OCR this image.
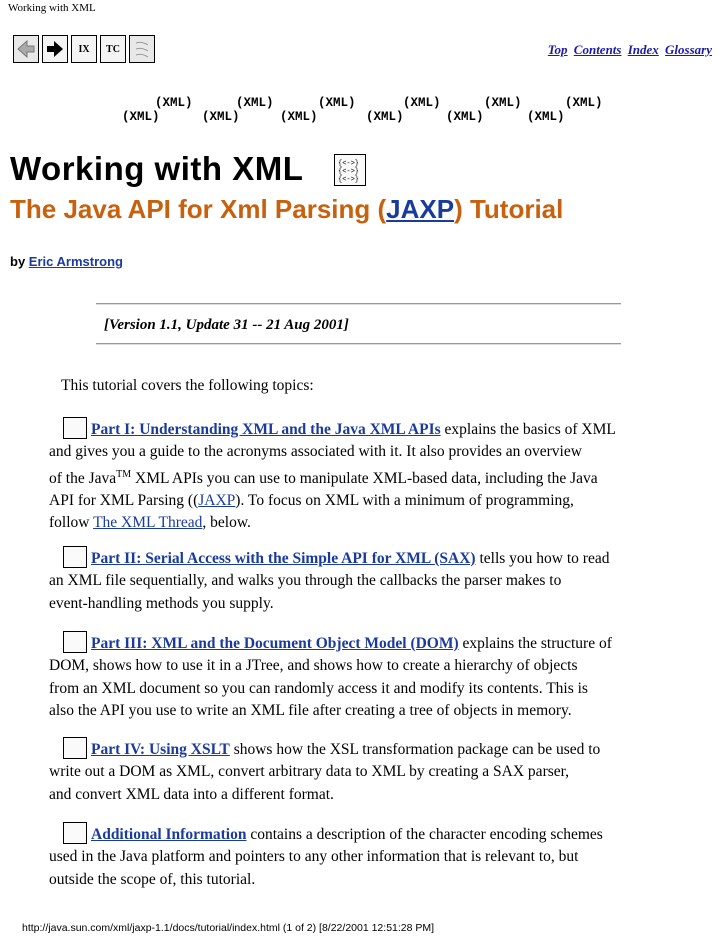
Working with XML
IX TC	Top Contents Index Glossary
(XML)	(XML)	(XML)	(XML)	(XML)	(XML)
(XML)	(XML)	(XML)	(XML)	(XML)	(XML)
Working with XML	{<->}
{<->}
{<->}
The Java API for Xml Parsing (JAXP) Tutorial
by Eric Armstrong
[Version 1.1, Update 31 -- 21 Aug 2001]
This tutorial covers the following topics:
Part I: Understanding XML and the Java XML APIs explains the basics of XML
and gives you a guide to the acronyms associated with it. It also provides an overview
of the Java™ XML APIs you can use to manipulate XML-based data, including the Java
API for XML Parsing ((JAXP). To focus on XML with a minimum of programming,
follow The XML Thread, below.
Part II: Serial Access with the Simple API for XML (SAX) tells you how to read
an XML file sequentially, and walks you through the callbacks the parser makes to
event-handling methods you supply.
Part III: XML and the Document Object Model (DOM) explains the structure of
DOM, shows how to use it in a JTree, and shows how to create a hierarchy of objects
from an XML document so you can randomly access it and modify its contents. This is
also the API you use to write an XML file after creating a tree of objects in memory.
Part IV: Using XSLT shows how the XSL transformation package can be used to
write out a DOM as XML, convert arbitrary data to XML by creating a SAX parser,
and convert XML data into a different format.
Additional Information contains a description of the character encoding schemes
used in the Java platform and pointers to any other information that is relevant to, but
outside the scope of, this tutorial.
http://java.sun.com/xml/jaxp-1.1/docs/tutorial/index.html (1 of 2) [8/22/2001 12:51:28 PM]
